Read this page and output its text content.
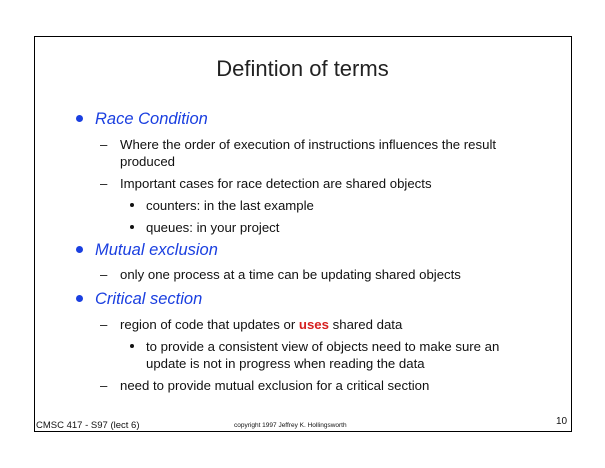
Defintion of terms
Race Condition
– Where the order of execution of instructions influences the result produced
– Important cases for race detection are shared objects
counters: in the last example
queues: in your project
Mutual exclusion
– only one process at a time can be updating shared objects
Critical section
– region of code that updates or uses shared data
to provide a consistent view of objects need to make sure an update is not in progress when reading the data
– need to provide mutual exclusion for a critical section
CMSC 417 - S97 (lect 6)	copyright 1997 Jeffrey K. Hollingsworth	10
